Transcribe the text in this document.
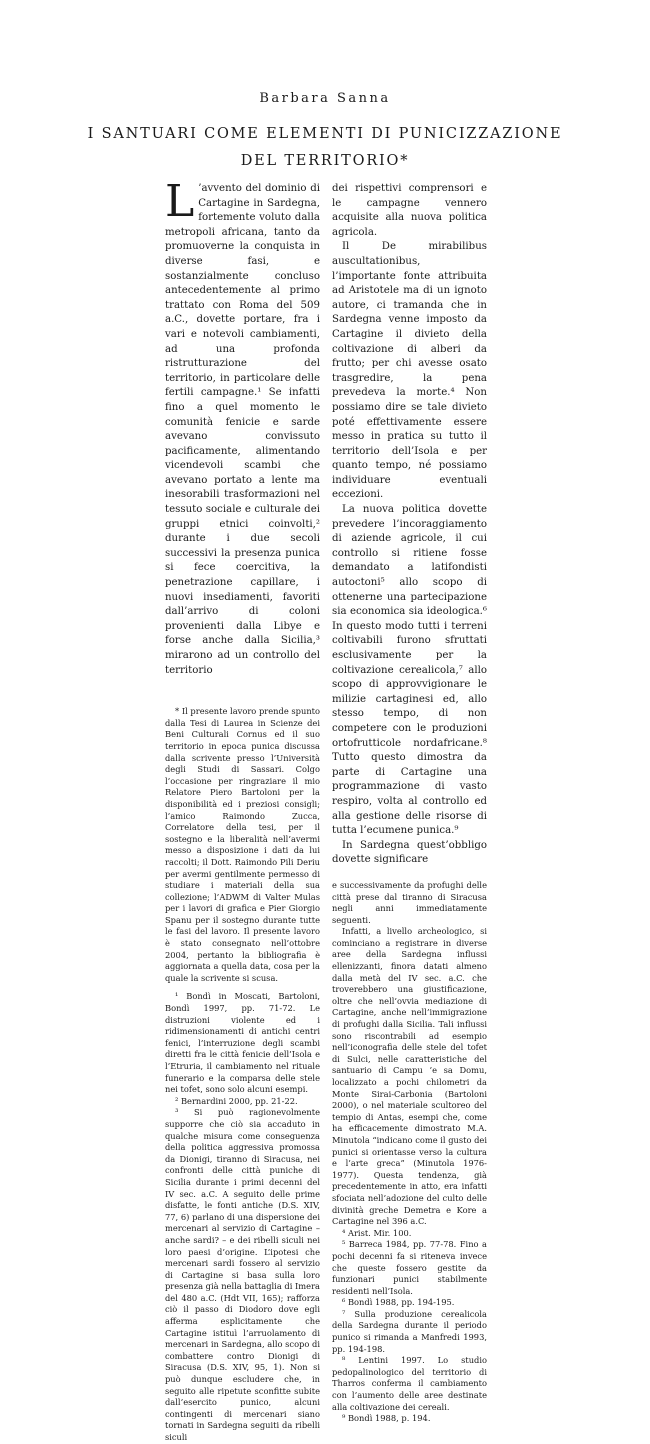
Barbara Sanna
I SANTUARI COME ELEMENTI DI PUNICIZZAZIONE
DEL TERRITORIO*

L ’avvento del dominio di Cartagine in Sardegna, fortemente voluto dalla metropoli africana, tanto da promuoverne la conquista in diverse fasi, e sostanzialmente concluso antecedentemente al primo trattato con Roma del 509 a.C., dovette portare, fra i vari e notevoli cambiamenti, ad una profonda ristrutturazione del territorio, in particolare delle fertili campagne.¹ Se infatti fino a quel momento le comunità fenicie e sarde avevano convissuto pacificamente, alimentando vicendevoli scambi che avevano portato a lente ma inesorabili trasformazioni nel tessuto sociale e culturale dei gruppi etnici coinvolti,² durante i due secoli successivi la presenza punica si fece coercitiva, la penetrazione capillare, i nuovi insediamenti, favoriti dall’arrivo di coloni provenienti dalla Libye e forse anche dalla Sicilia,³ mirarono ad un controllo del territorio

* Il presente lavoro prende spunto dalla Tesi di Laurea in Scienze dei Beni Culturali Cornus ed il suo territorio in epoca punica discussa dalla scrivente presso l’Università degli Studi di Sassari. Colgo l’occasione per ringraziare il mio Relatore Piero Bartoloni per la disponibilità ed i preziosi consigli; l’amico Raimondo Zucca, Correlatore della tesi, per il sostegno e la liberalità nell’avermi messo a disposizione i dati da lui raccolti; il Dott. Raimondo Pili Deriu per avermi gentilmente permesso di studiare i materiali della sua collezione; l’ADWM di Valter Mulas per i lavori di grafica e Pier Giorgio Spanu per il sostegno durante tutte le fasi del lavoro. Il presente lavoro è stato consegnato nell’ottobre 2004, pertanto la bibliografia è aggiornata a quella data, cosa per la quale la scrivente si scusa.

¹ Bondì in Moscati, Bartoloni, Bondì 1997, pp. 71-72. Le distruzioni violente ed i ridimensionamenti di antichi centri fenici, l’interruzione degli scambi diretti fra le città fenicie dell’Isola e l’Etruria, il cambiamento nel rituale funerario e la comparsa delle stele nei tofet, sono solo alcuni esempi.

² Bernardini 2000, pp. 21-22.

³ Si può ragionevolmente supporre che ciò sia accaduto in qualche misura come conseguenza della politica aggressiva promossa da Dionigi, tiranno di Siracusa, nei confronti delle città puniche di Sicilia durante i primi decenni del IV sec. a.C. A seguito delle prime disfatte, le fonti antiche (D.S. XIV, 77, 6) parlano di una dispersione dei mercenari al servizio di Cartagine – anche sardi? – e dei ribelli siculi nei loro paesi d’origine. L’ipotesi che mercenari sardi fossero al servizio di Cartagine si basa sulla loro presenza già nella battaglia di Imera del 480 a.C. (Hdt VII, 165); rafforza ciò il passo di Diodoro dove egli afferma esplicitamente che Cartagine istituì l’arruolamento di mercenari in Sardegna, allo scopo di combattere contro Dionigi di Siracusa (D.S. XIV, 95, 1). Non si può dunque escludere che, in seguito alle ripetute sconfitte subite dall’esercito punico, alcuni contingenti di mercenari siano tornati in Sardegna seguiti da ribelli siculi

dei rispettivi comprensori e le campagne vennero acquisite alla nuova politica agricola.

Il De mirabilibus auscultationibus, l’importante fonte attribuita ad Aristotele ma di un ignoto autore, ci tramanda che in Sardegna venne imposto da Cartagine il divieto della coltivazione di alberi da frutto; per chi avesse osato trasgredire, la pena prevedeva la morte.⁴ Non possiamo dire se tale divieto poté effettivamente essere messo in pratica su tutto il territorio dell’Isola e per quanto tempo, né possiamo individuare eventuali eccezioni.

La nuova politica dovette prevedere l’incoraggiamento di aziende agricole, il cui controllo si ritiene fosse demandato a latifondisti autoctoni⁵ allo scopo di ottenerne una partecipazione sia economica sia ideologica.⁶ In questo modo tutti i terreni coltivabili furono sfruttati esclusivamente per la coltivazione cerealicola,⁷ allo scopo di approvvigionare le milizie cartaginesi ed, allo stesso tempo, di non competere con le produzioni ortofrutticole nordafricane.⁸ Tutto questo dimostra da parte di Cartagine una programmazione di vasto respiro, volta al controllo ed alla gestione delle risorse di tutta l’ecumene punica.⁹

In Sardegna quest’obbligo dovette significare

e successivamente da profughi delle città prese dal tiranno di Siracusa negli anni immediatamente seguenti.

Infatti, a livello archeologico, si cominciano a registrare in diverse aree della Sardegna influssi ellenizzanti, finora datati almeno dalla metà del IV sec. a.C. che troverebbero una giustificazione, oltre che nell’ovvia mediazione di Cartagine, anche nell’immigrazione di profughi dalla Sicilia. Tali influssi sono riscontrabili ad esempio nell’iconografia delle stele del tofet di Sulci, nelle caratteristiche del santuario di Campu ’e sa Domu, localizzato a pochi chilometri da Monte Sirai-Carbonia (Bartoloni 2000), o nel materiale scultoreo del tempio di Antas, esempi che, come ha efficacemente dimostrato M.A. Minutola “indicano come il gusto dei punici si orientasse verso la cultura e l’arte greca” (Minutola 1976-1977). Questa tendenza, già precedentemente in atto, era infatti sfociata nell’adozione del culto delle divinità greche Demetra e Kore a Cartagine nel 396 a.C.

⁴ Arist. Mir. 100.

⁵ Barreca 1984, pp. 77-78. Fino a pochi decenni fa si riteneva invece che queste fossero gestite da funzionari punici stabilmente residenti nell’Isola.

⁶ Bondì 1988, pp. 194-195.

⁷ Sulla produzione cerealicola della Sardegna durante il periodo punico si rimanda a Manfredi 1993, pp. 194-198.

⁸ Lentini 1997. Lo studio pedopalinologico del territorio di Tharros conferma il cambiamento con l’aumento delle aree destinate alla coltivazione dei cereali.

⁹ Bondì 1988, p. 194.
